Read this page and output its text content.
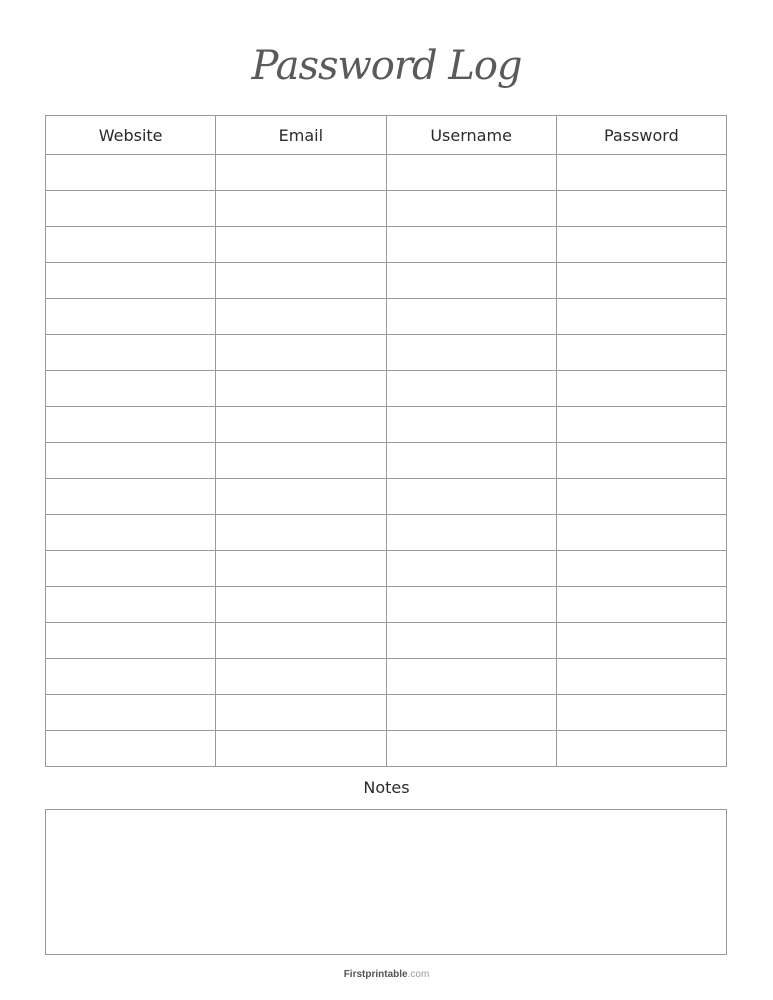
Password Log
Website	Email	Username	Password

Notes
Firstprintable.com
